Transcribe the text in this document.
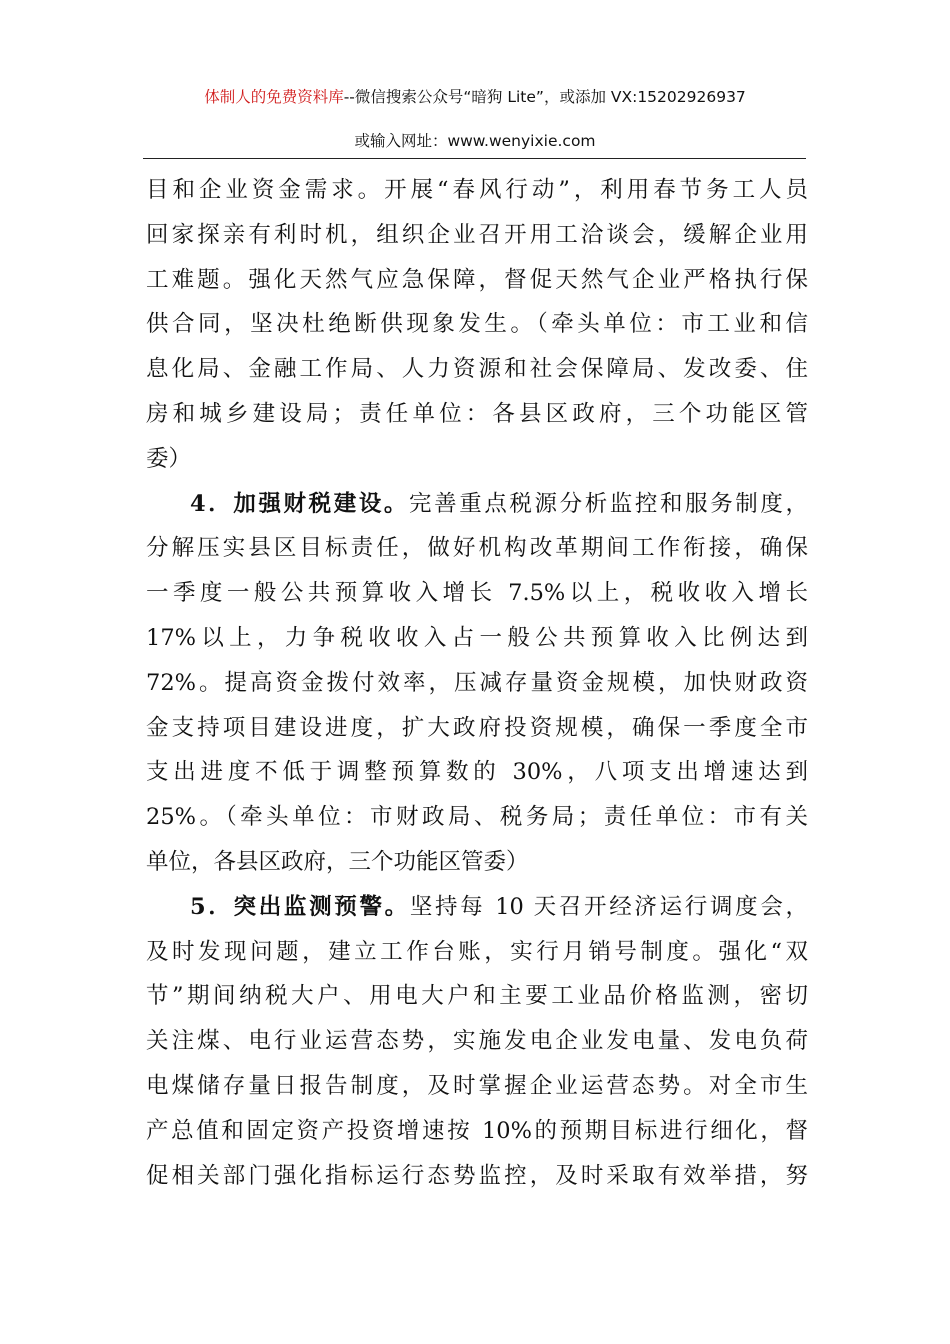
体制人的免费资料库--微信搜索公众号“暗狗 Lite”，或添加 VX:15202926937
或输入网址：www.wenyixie.com
目和企业资金需求。开展“春风行动”，利用春节务工人员
回家探亲有利时机，组织企业召开用工洽谈会，缓解企业用
工难题。强化天然气应急保障，督促天然气企业严格执行保
供合同，坚决杜绝断供现象发生。（牵头单位：市工业和信
息化局、金融工作局、人力资源和社会保障局、发改委、住
房和城乡建设局；责任单位：各县区政府，三个功能区管
委）
4．加强财税建设。完善重点税源分析监控和服务制度，
分解压实县区目标责任，做好机构改革期间工作衔接，确保
一季度一般公共预算收入增长 7.5%以上，税收收入增长
17%以上，力争税收收入占一般公共预算收入比例达到
72%。提高资金拨付效率，压减存量资金规模，加快财政资
金支持项目建设进度，扩大政府投资规模，确保一季度全市
支出进度不低于调整预算数的 30%，八项支出增速达到
25%。（牵头单位：市财政局、税务局；责任单位：市有关
单位，各县区政府，三个功能区管委）
5．突出监测预警。坚持每 10 天召开经济运行调度会，
及时发现问题，建立工作台账，实行月销号制度。强化“双
节”期间纳税大户、用电大户和主要工业品价格监测，密切
关注煤、电行业运营态势，实施发电企业发电量、发电负荷
电煤储存量日报告制度，及时掌握企业运营态势。对全市生
产总值和固定资产投资增速按 10%的预期目标进行细化，督
促相关部门强化指标运行态势监控，及时采取有效举措，努
